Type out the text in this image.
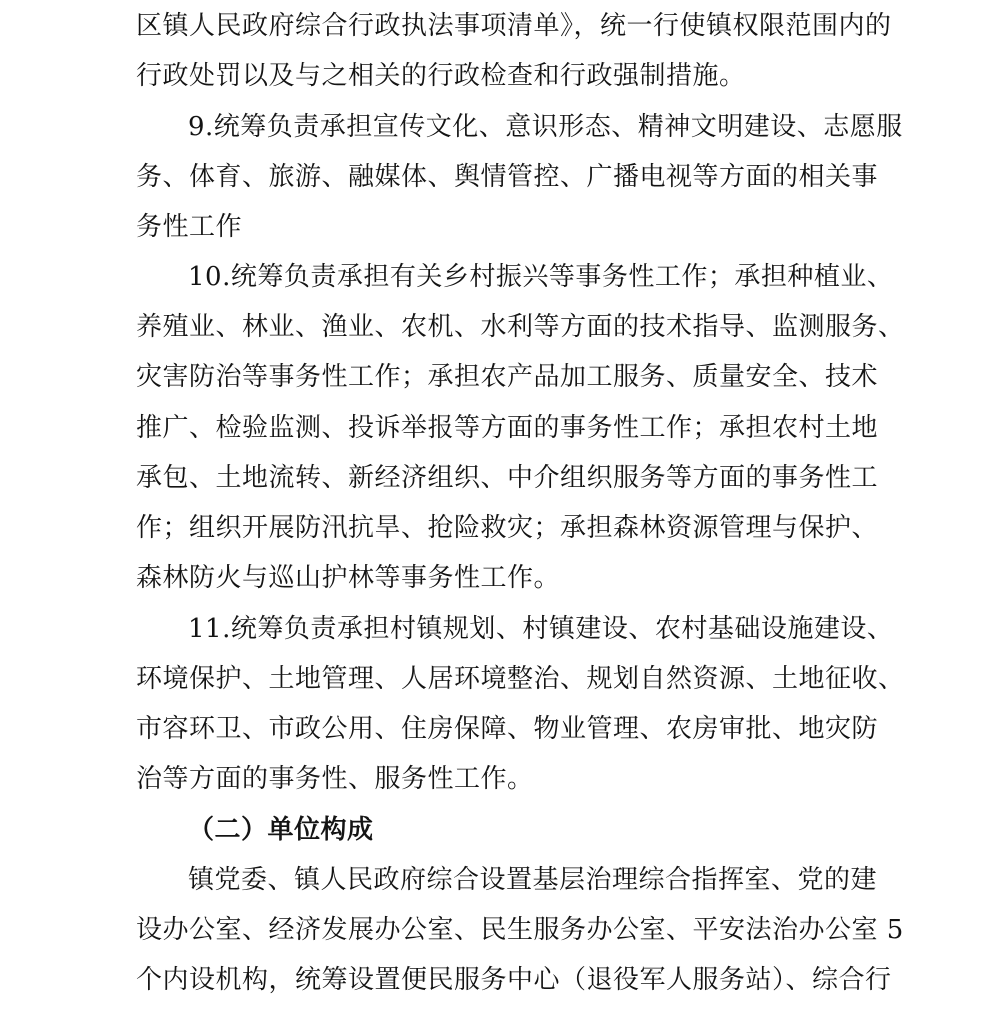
区镇人民政府综合行政执法事项清单》，统一行使镇权限范围内的
行政处罚以及与之相关的行政检查和行政强制措施。
9.统筹负责承担宣传文化、意识形态、精神文明建设、志愿服
务、体育、旅游、融媒体、舆情管控、广播电视等方面的相关事
务性工作
10.统筹负责承担有关乡村振兴等事务性工作；承担种植业、
养殖业、林业、渔业、农机、水利等方面的技术指导、监测服务、
灾害防治等事务性工作；承担农产品加工服务、质量安全、技术
推广、检验监测、投诉举报等方面的事务性工作；承担农村土地
承包、土地流转、新经济组织、中介组织服务等方面的事务性工
作；组织开展防汛抗旱、抢险救灾；承担森林资源管理与保护、
森林防火与巡山护林等事务性工作。
11.统筹负责承担村镇规划、村镇建设、农村基础设施建设、
环境保护、土地管理、人居环境整治、规划自然资源、土地征收、
市容环卫、市政公用、住房保障、物业管理、农房审批、地灾防
治等方面的事务性、服务性工作。
（二）单位构成
镇党委、镇人民政府综合设置基层治理综合指挥室、党的建
设办公室、经济发展办公室、民生服务办公室、平安法治办公室 5
个内设机构，统筹设置便民服务中心（退役军人服务站）、综合行
